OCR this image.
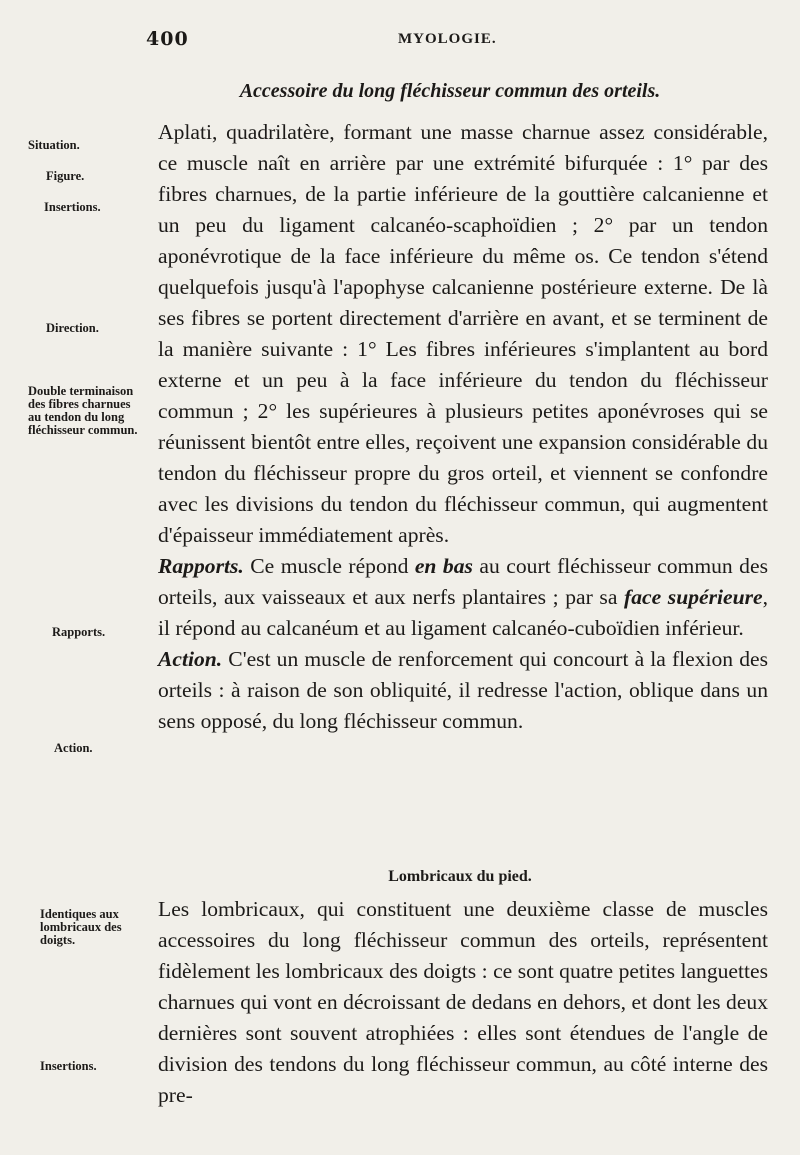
400	MYOLOGIE.
Accessoire du long fléchisseur commun des orteils.

Aplati, quadrilatère, formant une masse charnue assez considérable, ce muscle naît en arrière par une extrémité bifurquée : 1° par des fibres charnues, de la partie inférieure de la gouttière calcanienne et un peu du ligament calcanéo-scaphoïdien ; 2° par un tendon aponévrotique de la face inférieure du même os. Ce tendon s'étend quelquefois jusqu'à l'apophyse calcanienne postérieure externe. De là ses fibres se portent directement d'arrière en avant, et se terminent de la manière suivante : 1° Les fibres inférieures s'implantent au bord externe et un peu à la face inférieure du tendon du fléchisseur commun ; 2° les supérieures à plusieurs petites aponévroses qui se réunissent bientôt entre elles, reçoivent une expansion considérable du tendon du fléchisseur propre du gros orteil, et viennent se confondre avec les divisions du tendon du fléchisseur commun, qui augmentent d'épaisseur immédiatement après.

Rapports. Ce muscle répond en bas au court fléchisseur commun des orteils, aux vaisseaux et aux nerfs plantaires ; par sa face supérieure, il répond au calcanéum et au ligament calcanéo-cuboïdien inférieur.

Action. C'est un muscle de renforcement qui concourt à la flexion des orteils : à raison de son obliquité, il redresse l'action, oblique dans un sens opposé, du long fléchisseur commun.

Lombricaux du pied.

Les lombricaux, qui constituent une deuxième classe de muscles accessoires du long fléchisseur commun des orteils, représentent fidèlement les lombricaux des doigts : ce sont quatre petites languettes charnues qui vont en décroissant de dedans en dehors, et dont les deux dernières sont souvent atrophiées : elles sont étendues de l'angle de division des tendons du long fléchisseur commun, au côté interne des pre-

Situation.
Figure.
Insertions.
Direction.
Double terminaison des fibres charnues au tendon du long fléchisseur commun.
Rapports.
Action.
Identiques aux lombricaux des doigts.
Insertions.
